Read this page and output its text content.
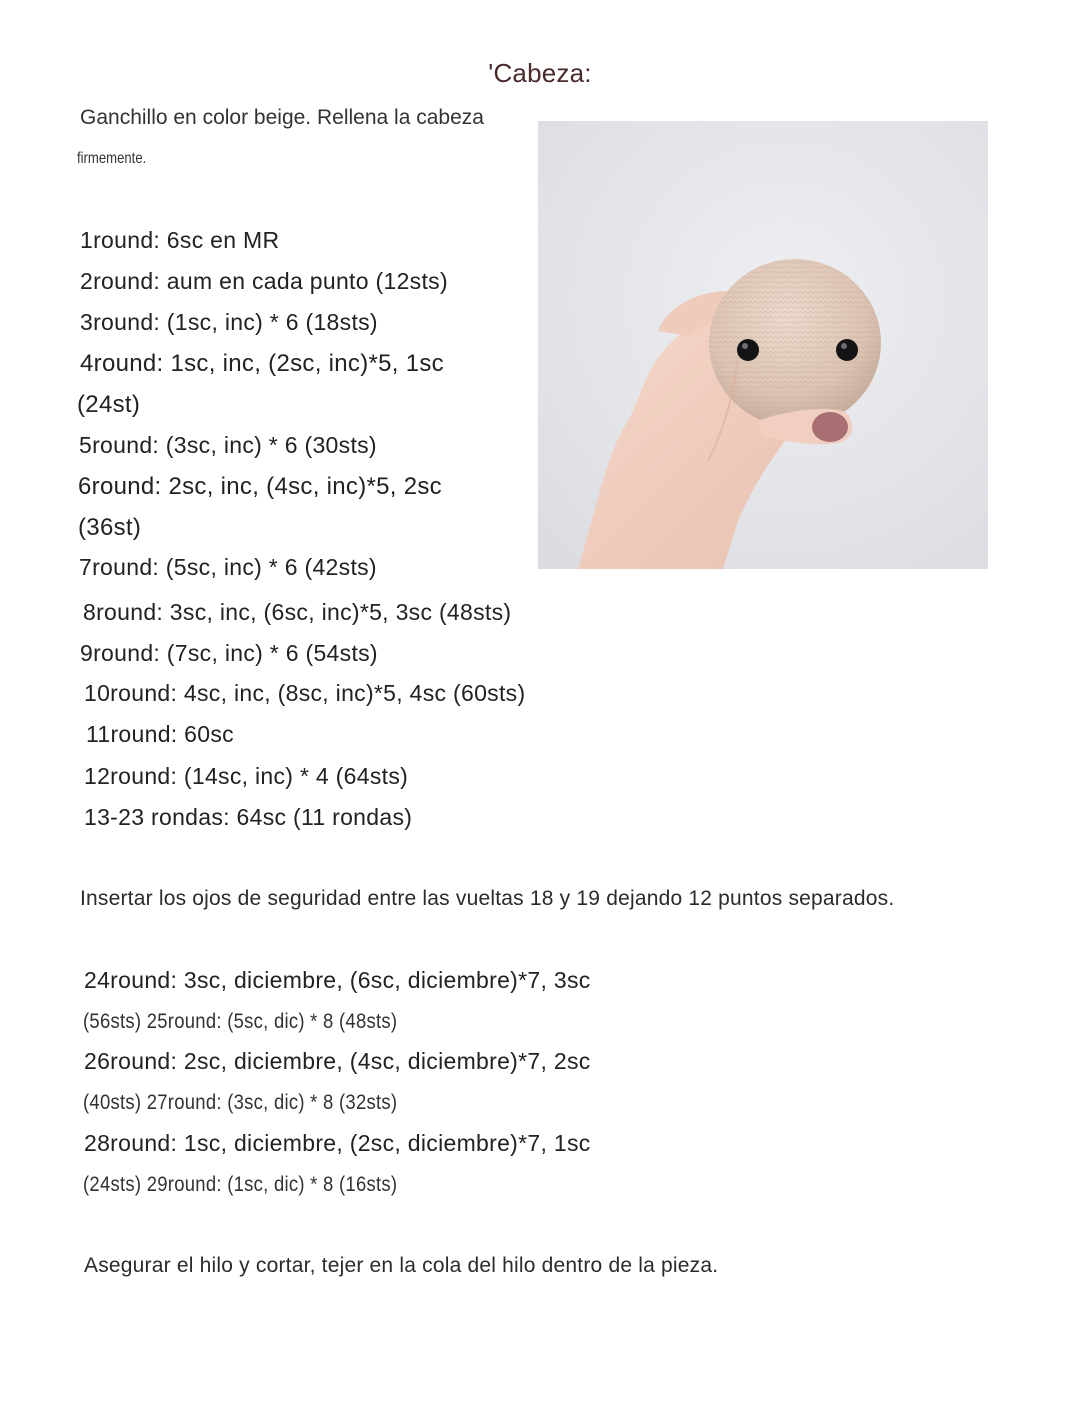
'Cabeza:
Ganchillo en color beige. Rellena la cabeza
firmemente.
1round: 6sc en MR
2round: aum en cada punto (12sts)
3round: (1sc, inc) * 6 (18sts)
4round: 1sc, inc, (2sc, inc)*5, 1sc
(24st)
5round: (3sc, inc) * 6 (30sts)
6round: 2sc, inc, (4sc, inc)*5, 2sc
(36st)
7round: (5sc, inc) * 6 (42sts)
8round: 3sc, inc, (6sc, inc)*5, 3sc (48sts)
9round: (7sc, inc) * 6 (54sts)
10round: 4sc, inc, (8sc, inc)*5, 4sc (60sts)
11round: 60sc
12round: (14sc, inc) * 4 (64sts)
13-23 rondas: 64sc (11 rondas)
Insertar los ojos de seguridad entre las vueltas 18 y 19 dejando 12 puntos separados.
24round: 3sc, diciembre, (6sc, diciembre)*7, 3sc
(56sts) 25round: (5sc, dic) * 8 (48sts)
26round: 2sc, diciembre, (4sc, diciembre)*7, 2sc
(40sts) 27round: (3sc, dic) * 8 (32sts)
28round: 1sc, diciembre, (2sc, diciembre)*7, 1sc
(24sts) 29round: (1sc, dic) * 8 (16sts)
Asegurar el hilo y cortar, tejer en la cola del hilo dentro de la pieza.
